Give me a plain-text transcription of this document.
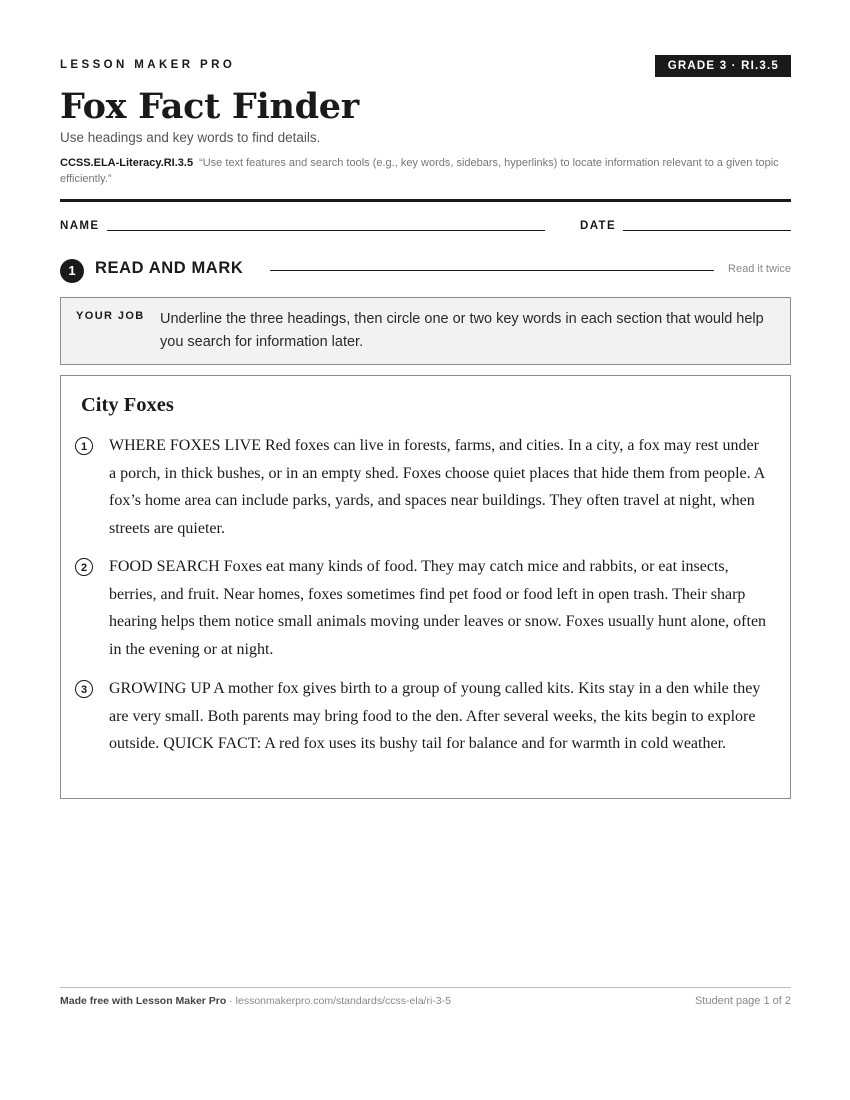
LESSON MAKER PRO	GRADE 3 · RI.3.5
Fox Fact Finder
Use headings and key words to find details.
CCSS.ELA-Literacy.RI.3.5 “Use text features and search tools (e.g., key words, sidebars, hyperlinks) to locate information relevant to a given topic efficiently.”
NAME	DATE
1	READ AND MARK	Read it twice
YOUR JOB Underline the three headings, then circle one or two key words in each section that would help you search for information later.
City Foxes
1	WHERE FOXES LIVE Red foxes can live in forests, farms, and cities. In a city, a fox may rest under a porch, in thick bushes, or in an empty shed. Foxes choose quiet places that hide them from people. A fox’s home area can include parks, yards, and spaces near buildings. They often travel at night, when streets are quieter.
2	FOOD SEARCH Foxes eat many kinds of food. They may catch mice and rabbits, or eat insects, berries, and fruit. Near homes, foxes sometimes find pet food or food left in open trash. Their sharp hearing helps them notice small animals moving under leaves or snow. Foxes usually hunt alone, often in the evening or at night.
3	GROWING UP A mother fox gives birth to a group of young called kits. Kits stay in a den while they are very small. Both parents may bring food to the den. After several weeks, the kits begin to explore outside. QUICK FACT: A red fox uses its bushy tail for balance and for warmth in cold weather.
Made free with Lesson Maker Pro · lessonmakerpro.com/standards/ccss-ela/ri-3-5	Student page 1 of 2
